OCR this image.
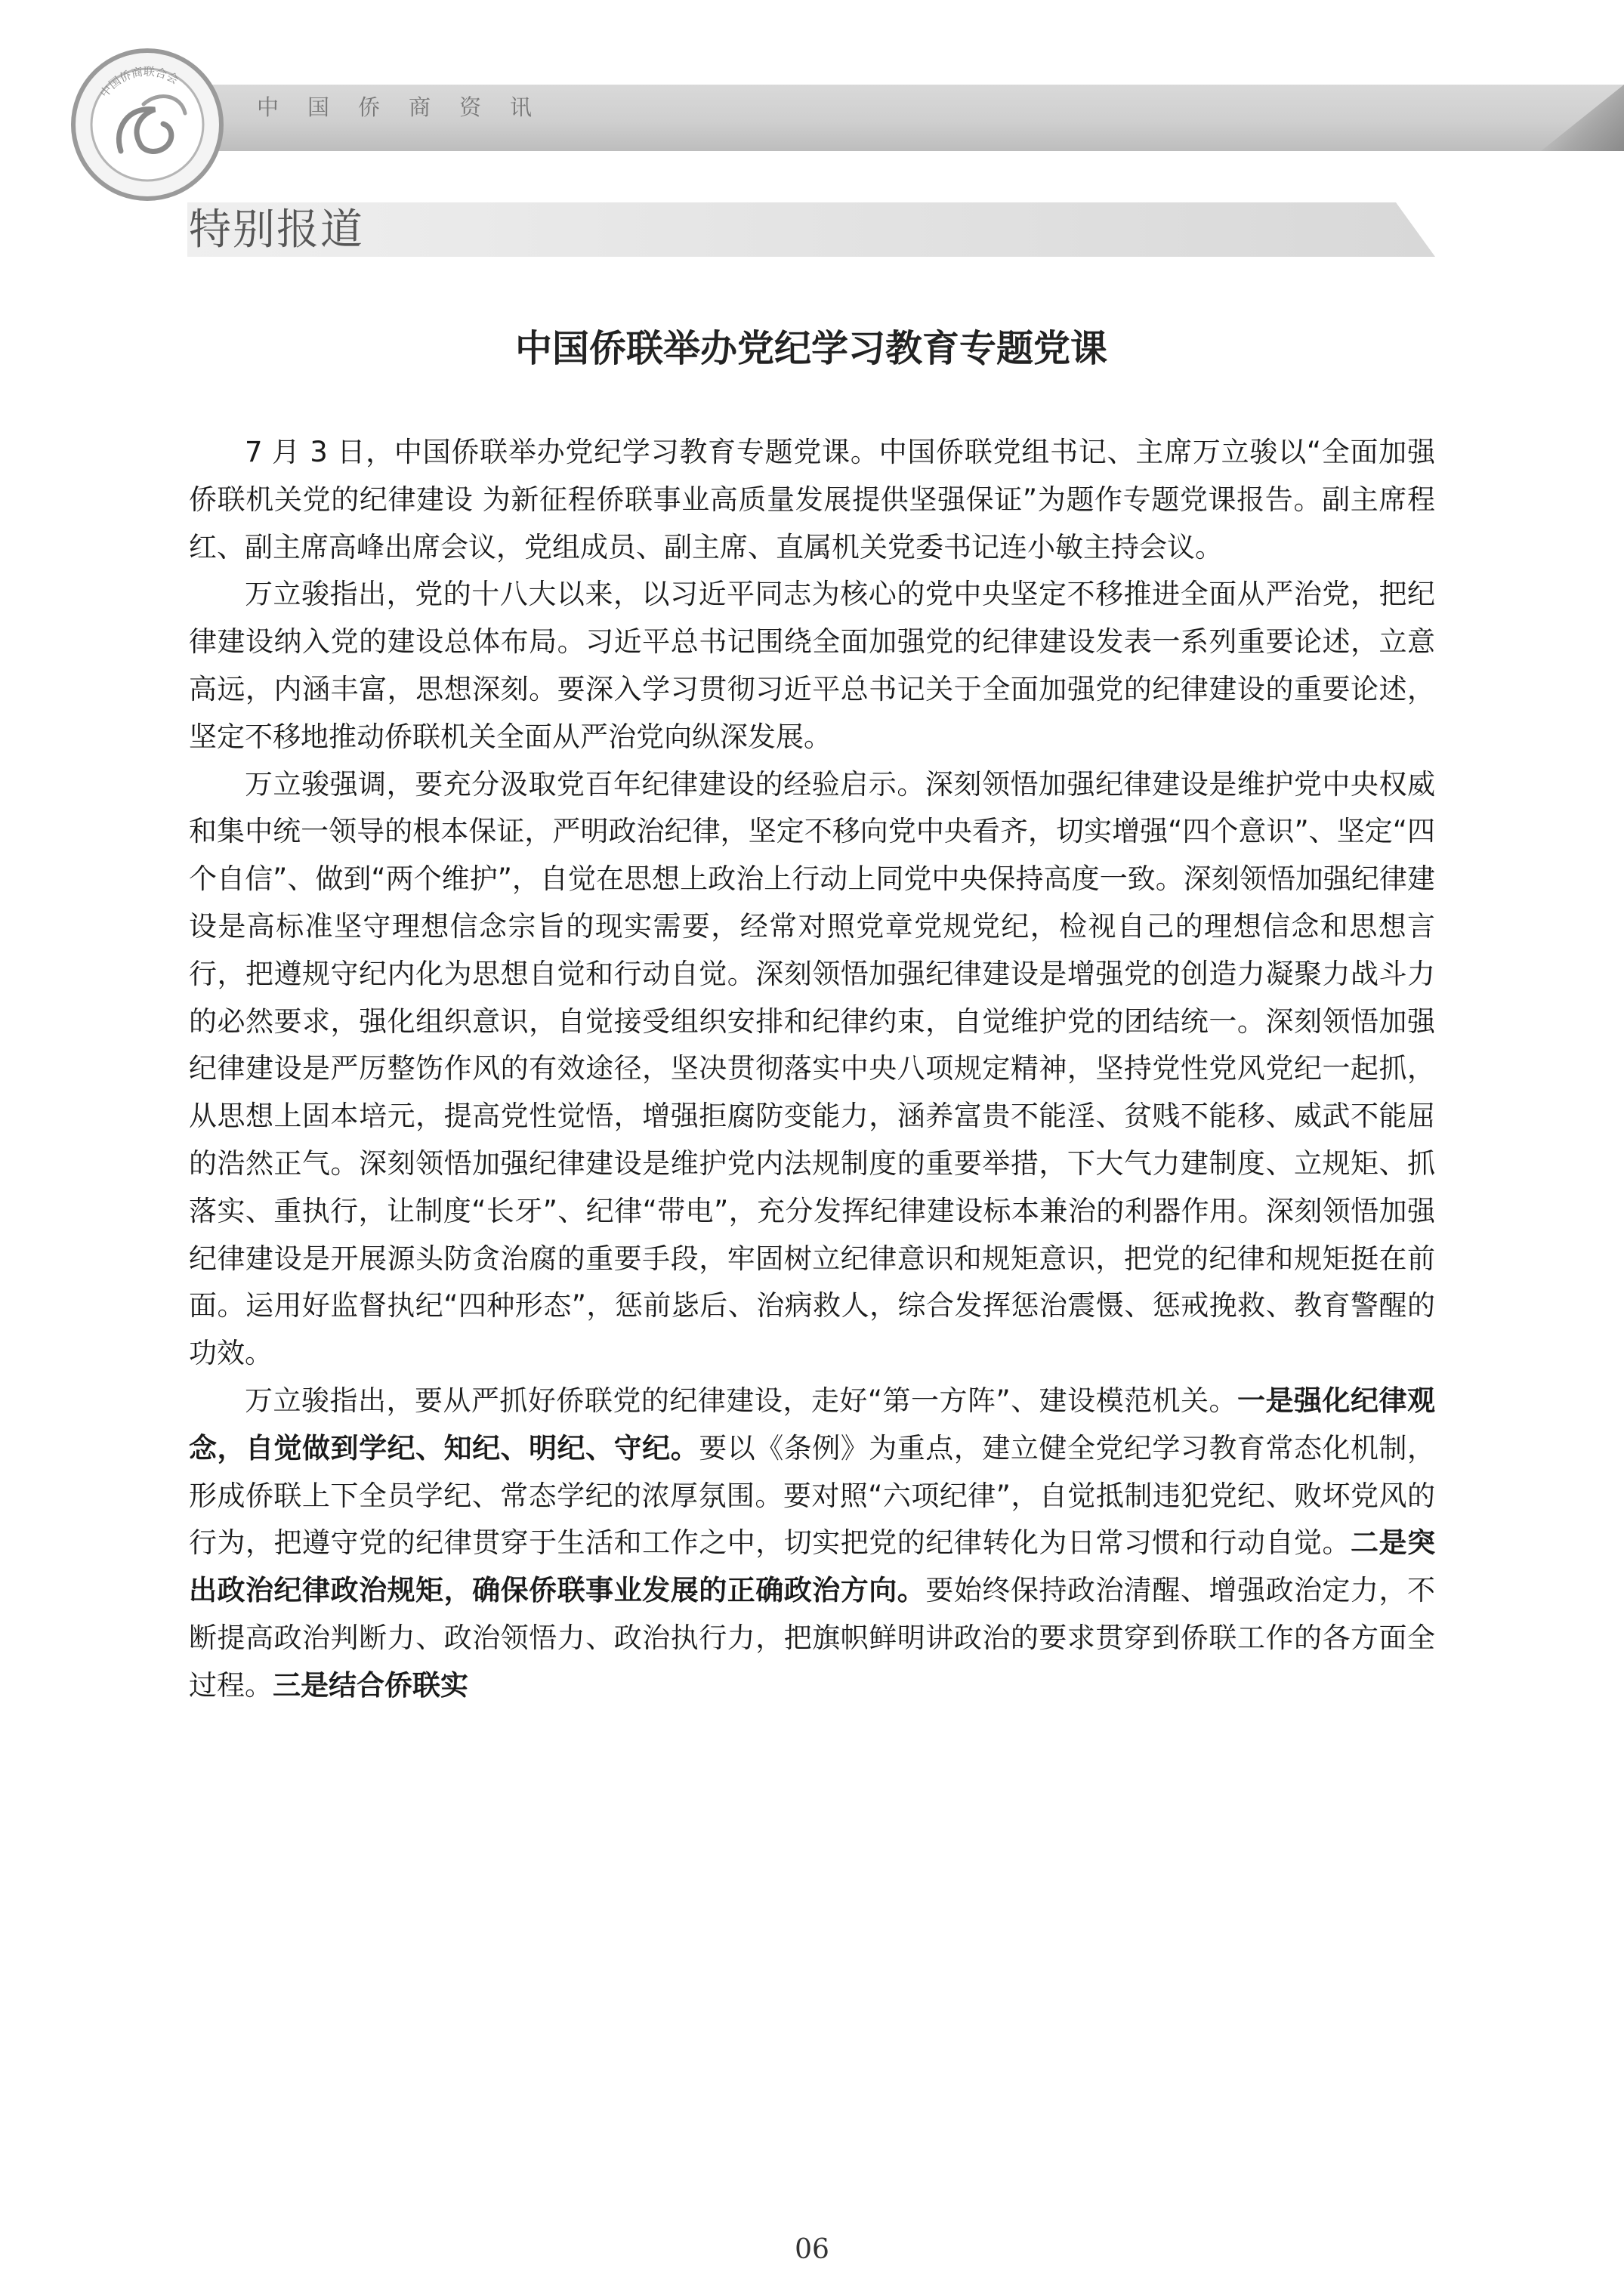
中国侨商资讯
中国侨商联合会
特别报道
中国侨联举办党纪学习教育专题党课

7 月 3 日，中国侨联举办党纪学习教育专题党课。中国侨联党组书记、主席万立骏以“全面加强侨联机关党的纪律建设 为新征程侨联事业高质量发展提供坚强保证”为题作专题党课报告。副主席程红、副主席高峰出席会议，党组成员、副主席、直属机关党委书记连小敏主持会议。

万立骏指出，党的十八大以来，以习近平同志为核心的党中央坚定不移推进全面从严治党，把纪律建设纳入党的建设总体布局。习近平总书记围绕全面加强党的纪律建设发表一系列重要论述，立意高远，内涵丰富，思想深刻。要深入学习贯彻习近平总书记关于全面加强党的纪律建设的重要论述，坚定不移地推动侨联机关全面从严治党向纵深发展。

万立骏强调，要充分汲取党百年纪律建设的经验启示。深刻领悟加强纪律建设是维护党中央权威和集中统一领导的根本保证，严明政治纪律，坚定不移向党中央看齐，切实增强“四个意识”、坚定“四个自信”、做到“两个维护”，自觉在思想上政治上行动上同党中央保持高度一致。深刻领悟加强纪律建设是高标准坚守理想信念宗旨的现实需要，经常对照党章党规党纪，检视自己的理想信念和思想言行，把遵规守纪内化为思想自觉和行动自觉。深刻领悟加强纪律建设是增强党的创造力凝聚力战斗力的必然要求，强化组织意识，自觉接受组织安排和纪律约束，自觉维护党的团结统一。深刻领悟加强纪律建设是严厉整饬作风的有效途径，坚决贯彻落实中央八项规定精神，坚持党性党风党纪一起抓，从思想上固本培元，提高党性觉悟，增强拒腐防变能力，涵养富贵不能淫、贫贱不能移、威武不能屈的浩然正气。深刻领悟加强纪律建设是维护党内法规制度的重要举措，下大气力建制度、立规矩、抓落实、重执行，让制度“长牙”、纪律“带电”，充分发挥纪律建设标本兼治的利器作用。深刻领悟加强纪律建设是开展源头防贪治腐的重要手段，牢固树立纪律意识和规矩意识，把党的纪律和规矩挺在前面。运用好监督执纪“四种形态”，惩前毖后、治病救人，综合发挥惩治震慑、惩戒挽救、教育警醒的功效。

万立骏指出，要从严抓好侨联党的纪律建设，走好“第一方阵”、建设模范机关。一是强化纪律观念，自觉做到学纪、知纪、明纪、守纪。要以《条例》为重点，建立健全党纪学习教育常态化机制，形成侨联上下全员学纪、常态学纪的浓厚氛围。要对照“六项纪律”，自觉抵制违犯党纪、败坏党风的行为，把遵守党的纪律贯穿于生活和工作之中，切实把党的纪律转化为日常习惯和行动自觉。二是突出政治纪律政治规矩，确保侨联事业发展的正确政治方向。要始终保持政治清醒、增强政治定力，不断提高政治判断力、政治领悟力、政治执行力，把旗帜鲜明讲政治的要求贯穿到侨联工作的各方面全过程。三是结合侨联实

06
